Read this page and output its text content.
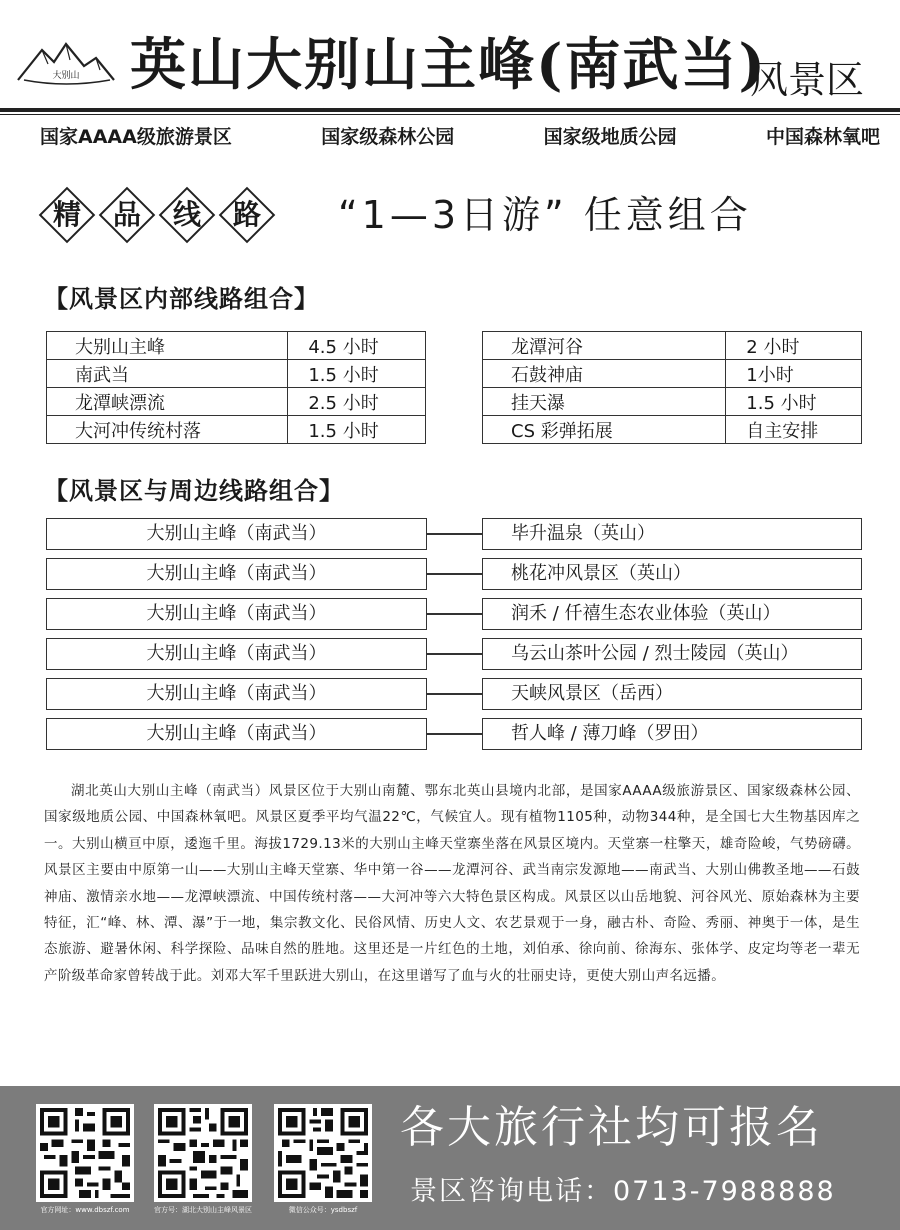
大别山 英山大别山主峰(南武当)
风景区
国家AAAA级旅游景区	国家级森林公园	国家级地质公园	中国森林氧吧
精	品	线	路	“1—3日游” 任意组合
【风景区内部线路组合】
大别山主峰	4.5 小时
南武当	1.5 小时
龙潭峡漂流	2.5 小时
大河冲传统村落	1.5 小时
龙潭河谷	2 小时
石鼓神庙	1小时
挂天瀑	1.5 小时
CS 彩弹拓展	自主安排
【风景区与周边线路组合】
大别山主峰（南武当）	毕升温泉（英山）
大别山主峰（南武当）	桃花冲风景区（英山）
大别山主峰（南武当）	润禾 / 仟禧生态农业体验（英山）
大别山主峰（南武当）	乌云山茶叶公园 / 烈士陵园（英山）
大别山主峰（南武当）	天峡风景区（岳西）
大别山主峰（南武当）	哲人峰 / 薄刀峰（罗田）

湖北英山大别山主峰（南武当）风景区位于大别山南麓、鄂东北英山县境内北部，是国家AAAA级旅游景区、国家级森林公园、国家级地质公园、中国森林氧吧。风景区夏季平均气温22℃，气候宜人。现有植物1105种，动物344种，是全国七大生物基因库之一。大别山横亘中原，逶迤千里。海拔1729.13米的大别山主峰天堂寨坐落在风景区境内。天堂寨一柱擎天，雄奇险峻，气势磅礴。风景区主要由中原第一山——大别山主峰天堂寨、华中第一谷——龙潭河谷、武当南宗发源地——南武当、大别山佛教圣地——石鼓神庙、激情亲水地——龙潭峡漂流、中国传统村落——大河冲等六大特色景区构成。风景区以山岳地貌、河谷风光、原始森林为主要特征，汇“峰、林、潭、瀑”于一地，集宗教文化、民俗风情、历史人文、农艺景观于一身，融古朴、奇险、秀丽、神奥于一体，是生态旅游、避暑休闲、科学探险、品味自然的胜地。这里还是一片红色的土地，刘伯承、徐向前、徐海东、张体学、皮定均等老一辈无产阶级革命家曾转战于此。刘邓大军千里跃进大别山，在这里谱写了血与火的壮丽史诗，更使大别山声名远播。

官方网址：www.dbszf.com	官方号：湖北大别山主峰风景区	微信公众号：ysdbszf
各大旅行社均可报名
景区咨询电话：0713-7988888
